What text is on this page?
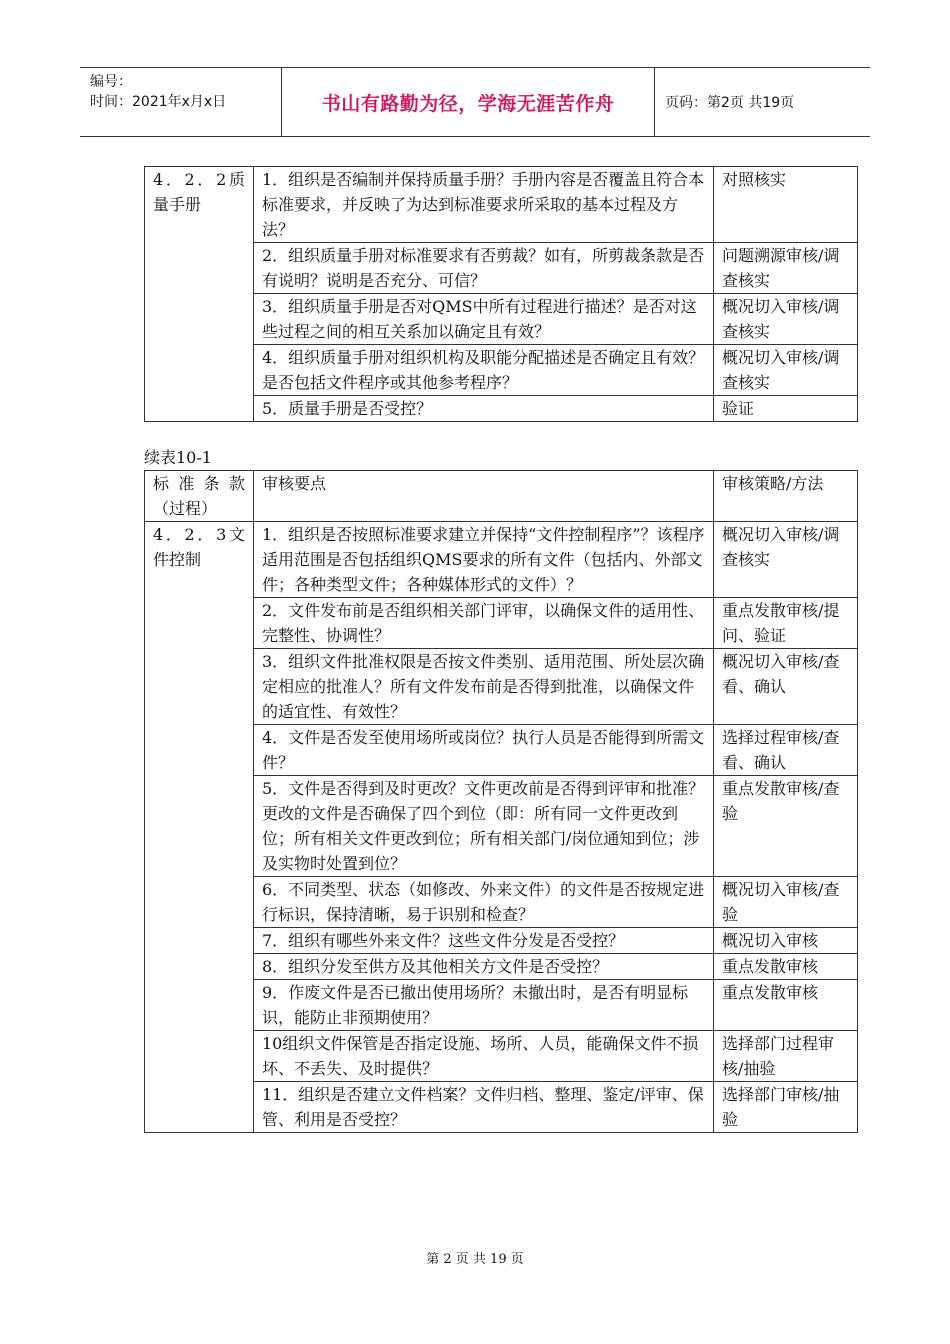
编号：
时间：2021年x月x日	书山有路勤为径，学海无涯苦作舟	页码：第2页 共19页
4．2．2质量手册	1．组织是否编制并保持质量手册？手册内容是否覆盖且符合本标准要求，并反映了为达到标准要求所采取的基本过程及方法？	对照核实
	2．组织质量手册对标准要求有否剪裁？如有，所剪裁条款是否有说明？说明是否充分、可信？	问题溯源审核/调查核实
	3．组织质量手册是否对QMS中所有过程进行描述？是否对这些过程之间的相互关系加以确定且有效？	概况切入审核/调查核实
	4．组织质量手册对组织机构及职能分配描述是否确定且有效？是否包括文件程序或其他参考程序？	概况切入审核/调查核实
	5．质量手册是否受控？	验证
续表10-1
标准条款（过程）	审核要点	审核策略/方法
4．2．3文件控制	1．组织是否按照标准要求建立并保持“文件控制程序”？该程序适用范围是否包括组织QMS要求的所有文件（包括内、外部文件；各种类型文件；各种媒体形式的文件）？	概况切入审核/调查核实
	2．文件发布前是否组织相关部门评审，以确保文件的适用性、完整性、协调性？	重点发散审核/提问、验证
	3．组织文件批准权限是否按文件类别、适用范围、所处层次确定相应的批准人？所有文件发布前是否得到批准，以确保文件的适宜性、有效性？	概况切入审核/查看、确认
	4．文件是否发至使用场所或岗位？执行人员是否能得到所需文件？	选择过程审核/查看、确认
	5．文件是否得到及时更改？文件更改前是否得到评审和批准？更改的文件是否确保了四个到位（即：所有同一文件更改到位；所有相关文件更改到位；所有相关部门/岗位通知到位；涉及实物时处置到位？	重点发散审核/查验
	6．不同类型、状态（如修改、外来文件）的文件是否按规定进行标识，保持清晰，易于识别和检查？	概况切入审核/查验
	7．组织有哪些外来文件？这些文件分发是否受控？	概况切入审核
	8．组织分发至供方及其他相关方文件是否受控？	重点发散审核
	9．作废文件是否已撤出使用场所？未撤出时，是否有明显标识，能防止非预期使用？	重点发散审核
	10组织文件保管是否指定设施、场所、人员，能确保文件不损坏、不丢失、及时提供？	选择部门过程审核/抽验
	11．组织是否建立文件档案？文件归档、整理、鉴定/评审、保管、利用是否受控？	选择部门审核/抽验
第 2 页 共 19 页
